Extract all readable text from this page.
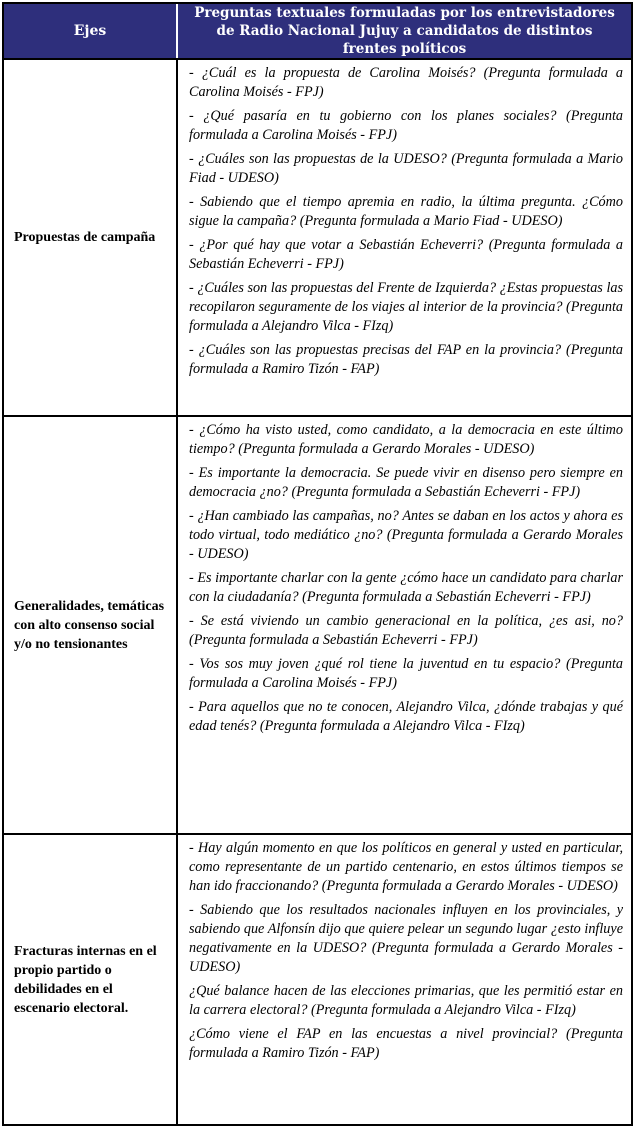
Ejes
Preguntas textuales formuladas por los entrevistadores de Radio Nacional Jujuy a candidatos de distintos frentes políticos
Propuestas de campaña

- ¿Cuál es la propuesta de Carolina Moisés? (Pregunta formulada a Carolina Moisés - FPJ)

- ¿Qué pasaría en tu gobierno con los planes sociales? (Pregunta formulada a Carolina Moisés - FPJ)

- ¿Cuáles son las propuestas de la UDESO? (Pregunta formulada a Mario Fiad - UDESO)

- Sabiendo que el tiempo apremia en radio, la última pregunta. ¿Cómo sigue la campaña? (Pregunta formulada a Mario Fiad - UDESO)

- ¿Por qué hay que votar a Sebastián Echeverri? (Pregunta formulada a Sebastián Echeverri - FPJ)

- ¿Cuáles son las propuestas del Frente de Izquierda? ¿Estas propuestas las recopilaron seguramente de los viajes al interior de la provincia? (Pregunta formulada a Alejandro Vilca - FIzq)

- ¿Cuáles son las propuestas precisas del FAP en la provincia? (Pregunta formulada a Ramiro Tizón - FAP)

Generalidades, temáticas con alto consenso social y/o no tensionantes

- ¿Cómo ha visto usted, como candidato, a la democracia en este último tiempo? (Pregunta formulada a Gerardo Morales - UDESO)

- Es importante la democracia. Se puede vivir en disenso pero siempre en democracia ¿no? (Pregunta formulada a Sebastián Echeverri - FPJ)

- ¿Han cambiado las campañas, no? Antes se daban en los actos y ahora es todo virtual, todo mediático ¿no? (Pregunta formulada a Gerardo Morales - UDESO)

- Es importante charlar con la gente ¿cómo hace un candidato para charlar con la ciudadanía? (Pregunta formulada a Sebastián Echeverri - FPJ)

- Se está viviendo un cambio generacional en la política, ¿es asi, no? (Pregunta formulada a Sebastián Echeverri - FPJ)

- Vos sos muy joven ¿qué rol tiene la juventud en tu espacio? (Pregunta formulada a Carolina Moisés - FPJ)

- Para aquellos que no te conocen, Alejandro Vilca, ¿dónde trabajas y qué edad tenés? (Pregunta formulada a Alejandro Vilca - FIzq)

Fracturas internas en el propio partido o debilidades en el escenario electoral.

- Hay algún momento en que los políticos en general y usted en particular, como representante de un partido centenario, en estos últimos tiempos se han ido fraccionando? (Pregunta formulada a Gerardo Morales - UDESO)

- Sabiendo que los resultados nacionales influyen en los provinciales, y sabiendo que Alfonsín dijo que quiere pelear un segundo lugar ¿esto influye negativamente en la UDESO? (Pregunta formulada a Gerardo Morales - UDESO)

¿Qué balance hacen de las elecciones primarias, que les permitió estar en la carrera electoral? (Pregunta formulada a Alejandro Vilca - FIzq)

¿Cómo viene el FAP en las encuestas a nivel provincial? (Pregunta formulada a Ramiro Tizón - FAP)
